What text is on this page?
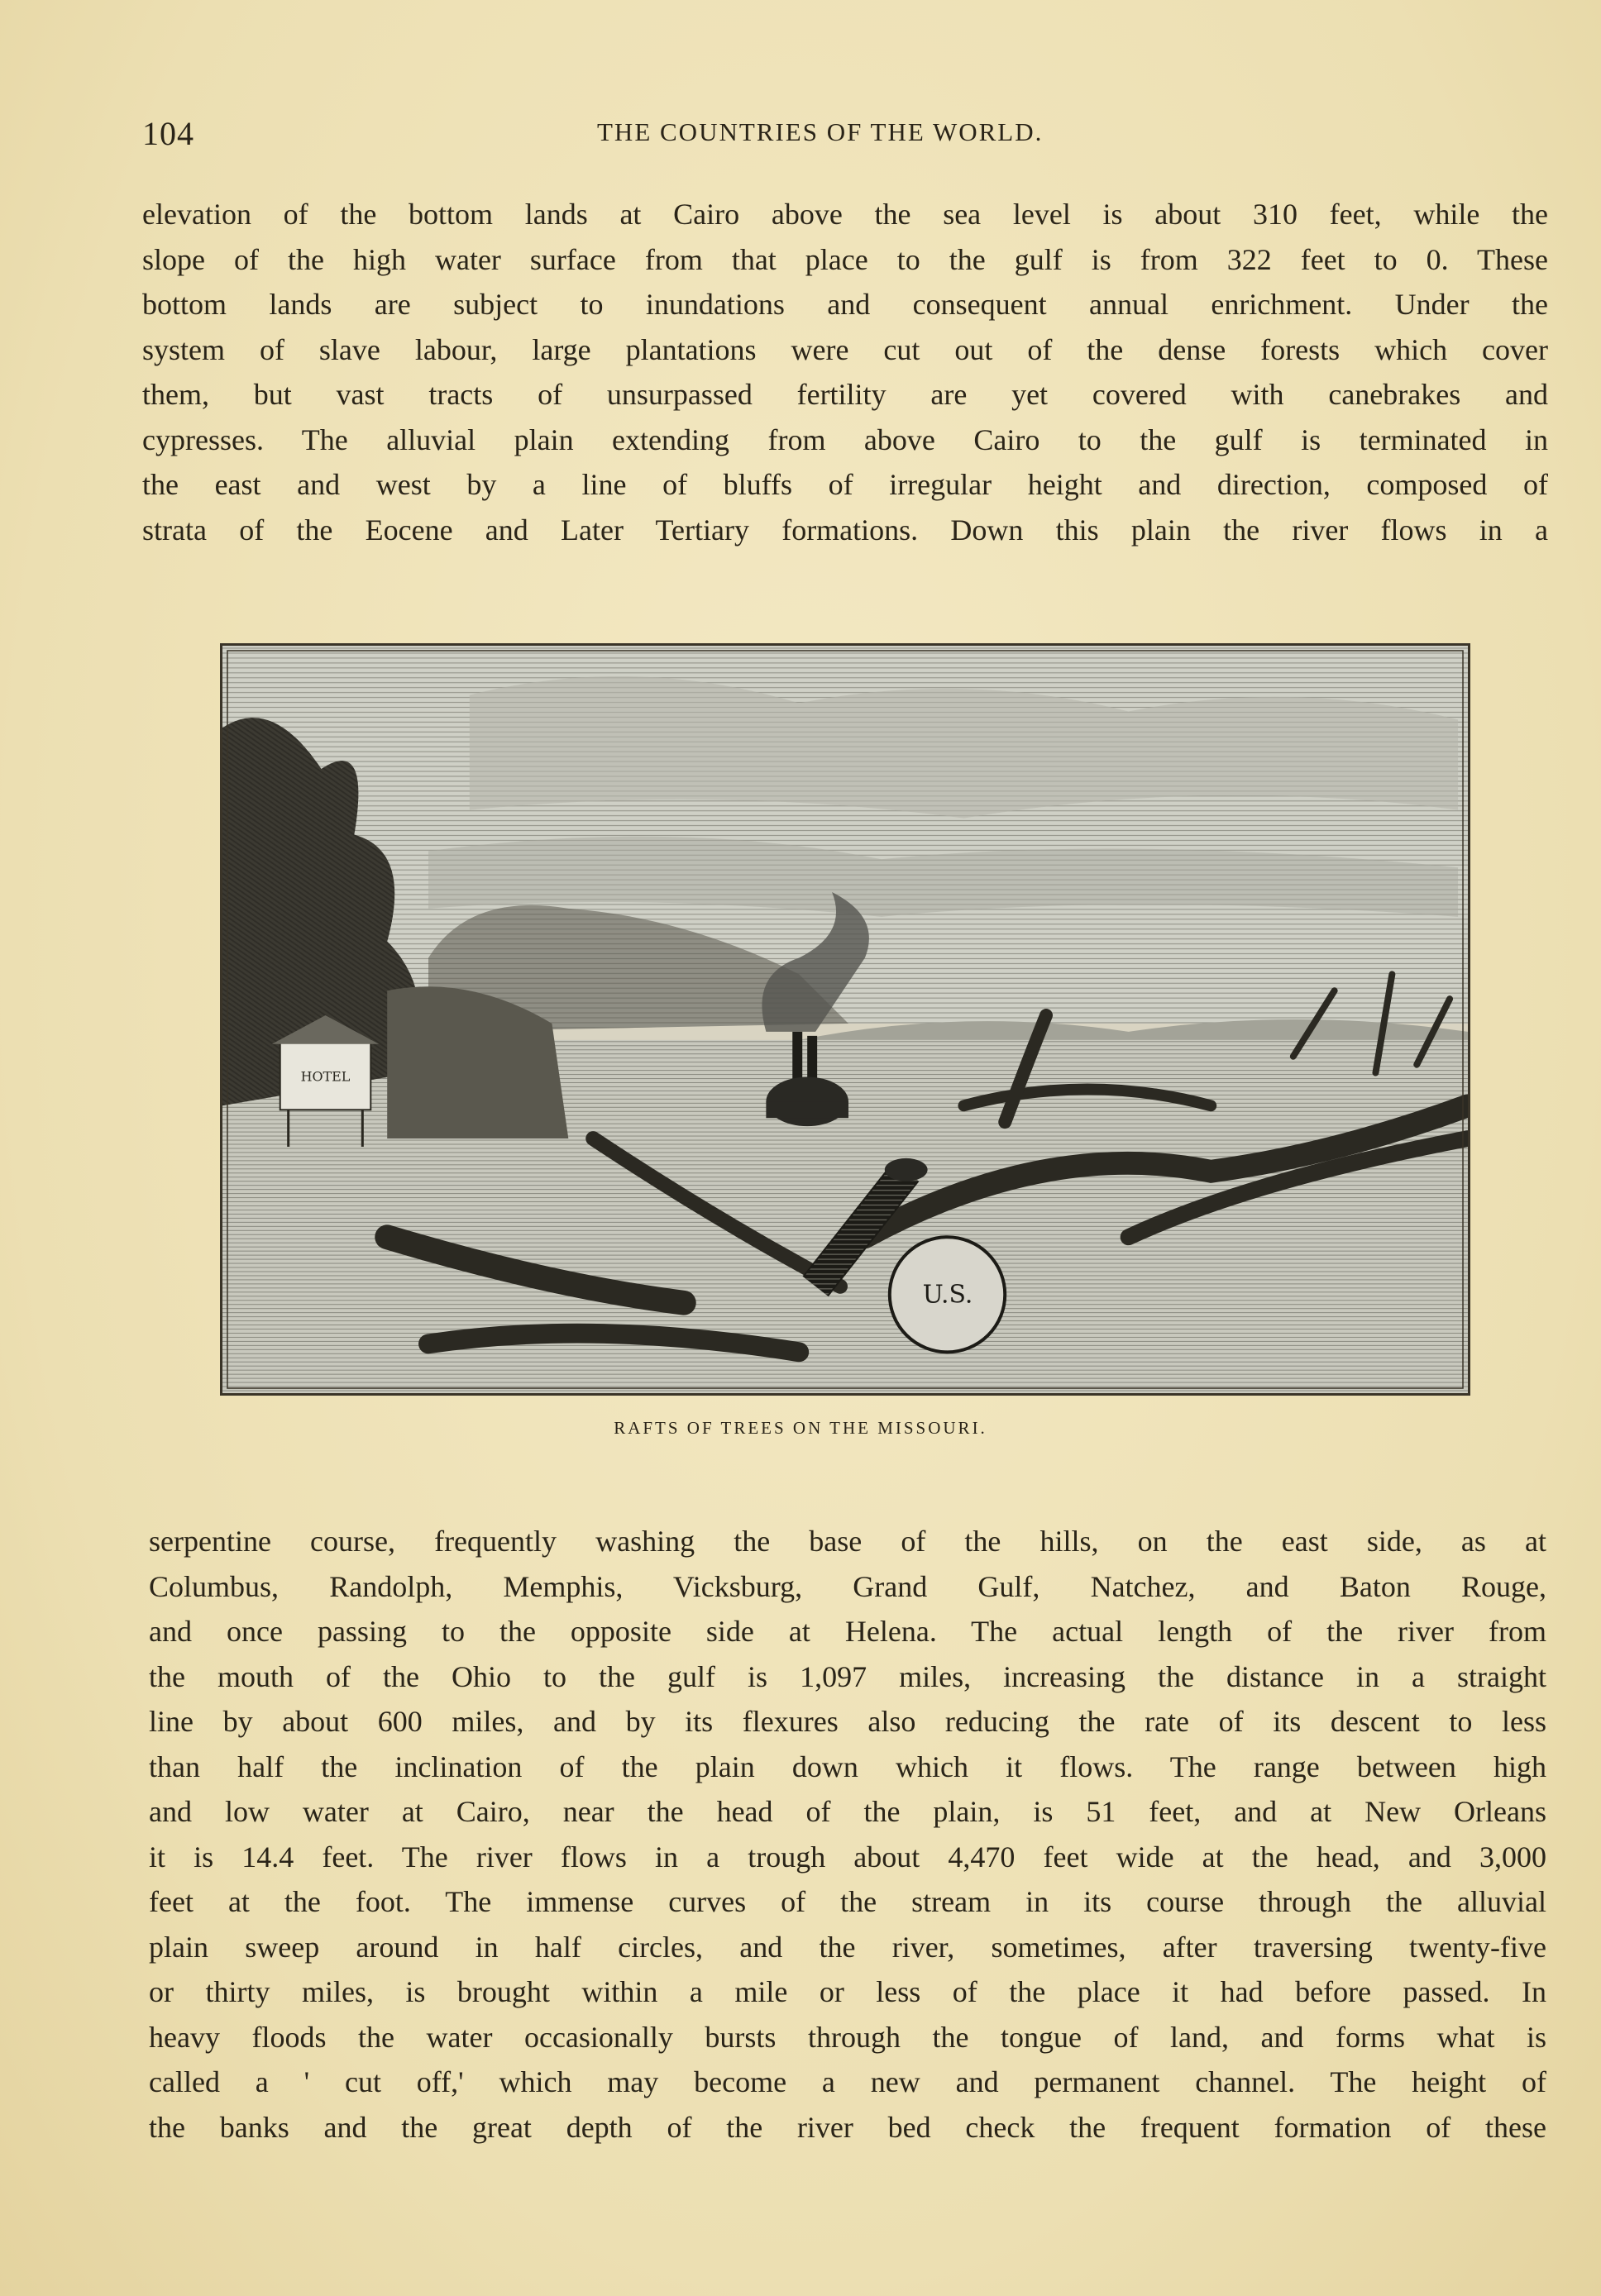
104	THE COUNTRIES OF THE WORLD.
elevation of the bottom lands at Cairo above the sea level is about 310 feet, while the
slope of the high water surface from that place to the gulf is from 322 feet to 0. These
bottom lands are subject to inundations and consequent annual enrichment. Under the
system of slave labour, large plantations were cut out of the dense forests which cover
them, but vast tracts of unsurpassed fertility are yet covered with canebrakes and
cypresses. The alluvial plain extending from above Cairo to the gulf is terminated in
the east and west by a line of bluffs of irregular height and direction, composed of
strata of the Eocene and Later Tertiary formations. Down this plain the river flows in a
HOTEL
U.S.
RAFTS OF TREES ON THE MISSOURI.
serpentine course, frequently washing the base of the hills, on the east side, as at
Columbus, Randolph, Memphis, Vicksburg, Grand Gulf, Natchez, and Baton Rouge,
and once passing to the opposite side at Helena. The actual length of the river from
the mouth of the Ohio to the gulf is 1,097 miles, increasing the distance in a straight
line by about 600 miles, and by its flexures also reducing the rate of its descent to less
than half the inclination of the plain down which it flows. The range between high
and low water at Cairo, near the head of the plain, is 51 feet, and at New Orleans
it is 14.4 feet. The river flows in a trough about 4,470 feet wide at the head, and 3,000
feet at the foot. The immense curves of the stream in its course through the alluvial
plain sweep around in half circles, and the river, sometimes, after traversing twenty-five
or thirty miles, is brought within a mile or less of the place it had before passed. In
heavy floods the water occasionally bursts through the tongue of land, and forms what is
called a ' cut off,' which may become a new and permanent channel. The height of
the banks and the great depth of the river bed check the frequent formation of these
